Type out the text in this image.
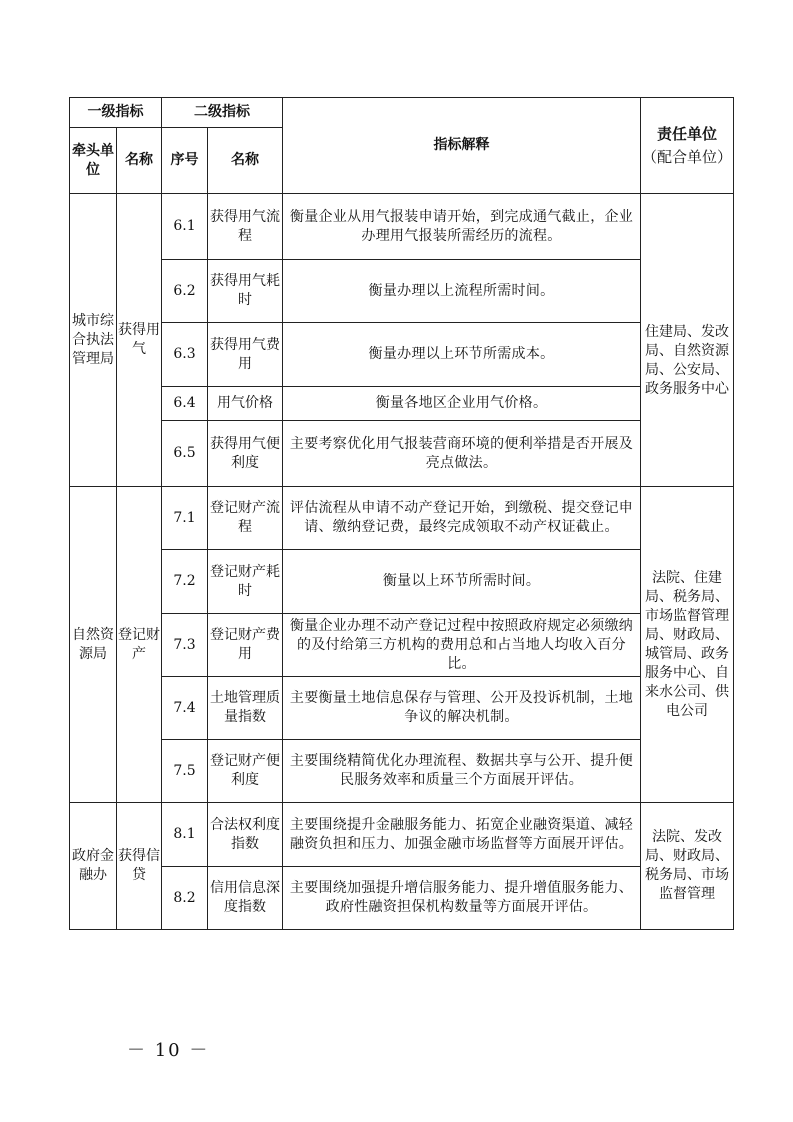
一级指标		二级指标		指标解释	责任单位
（配合单位）

牵头单位	名称	序号	名称		
城市综合执法管理局	获得用气	6.1	获得用气流程	衡量企业从用气报装申请开始，到完成通气截止，企业办理用气报装所需经历的流程。	
		6.2	获得用气耗时	衡量办理以上流程所需时间。	
		6.3	获得用气费用	衡量办理以上环节所需成本。	住建局、发改局、自然资源局、公安局、政务服务中心
		6.4	用气价格	衡量各地区企业用气价格。	
		6.5	获得用气便利度	主要考察优化用气报装营商环境的便利举措是否开展及亮点做法。	
自然资源局	登记财产	7.1	登记财产流程	评估流程从申请不动产登记开始，到缴税、提交登记申请、缴纳登记费，最终完成领取不动产权证截止。	法院、住建局、税务局、市场监督管理局、财政局、城管局、政务服务中心、自来水公司、供电公司
		7.2	登记财产耗时	衡量以上环节所需时间。	
		7.3	登记财产费用	衡量企业办理不动产登记过程中按照政府规定必须缴纳的及付给第三方机构的费用总和占当地人均收入百分比。	
		7.4	土地管理质量指数	主要衡量土地信息保存与管理、公开及投诉机制，土地争议的解决机制。	
		7.5	登记财产便利度	主要围绕精简优化办理流程、数据共享与公开、提升便民服务效率和质量三个方面展开评估。	
政府金融办	获得信贷	8.1	合法权利度指数	主要围绕提升金融服务能力、拓宽企业融资渠道、减轻融资负担和压力、加强金融市场监督等方面展开评估。	法院、发改局、财政局、税务局、市场监督管理
		8.2	信用信息深度指数	主要围绕加强提升增信服务能力、提升增值服务能力、政府性融资担保机构数量等方面展开评估。	
－ 10 －
